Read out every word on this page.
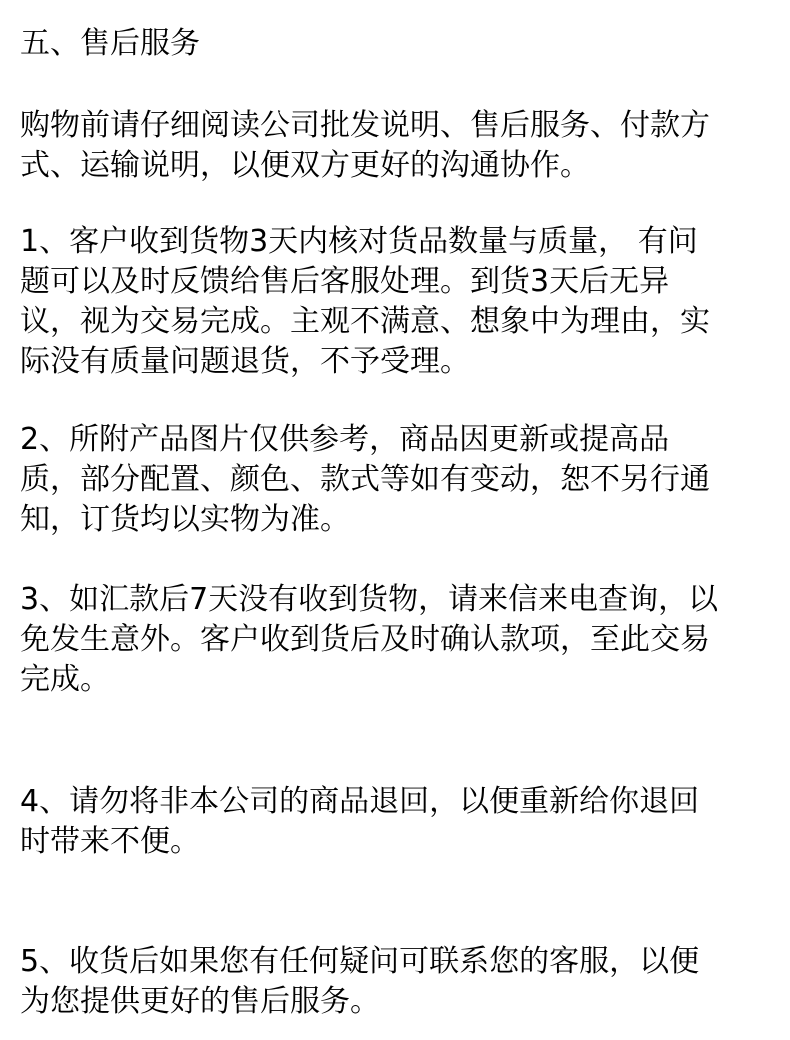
五、售后服务
购物前请仔细阅读公司批发说明、售后服务、付款方
式、运输说明，以便双方更好的沟通协作。
1、客户收到货物3天内核对货品数量与质量， 有问
题可以及时反馈给售后客服处理。到货3天后无异
议，视为交易完成。主观不满意、想象中为理由，实
际没有质量问题退货，不予受理。
2、所附产品图片仅供参考，商品因更新或提高品
质，部分配置、颜色、款式等如有变动，恕不另行通
知，订货均以实物为准。
3、如汇款后7天没有收到货物，请来信来电查询，以
免发生意外。客户收到货后及时确认款项，至此交易
完成。
4、请勿将非本公司的商品退回，以便重新给你退回
时带来不便。
5、收货后如果您有任何疑问可联系您的客服，以便
为您提供更好的售后服务。
